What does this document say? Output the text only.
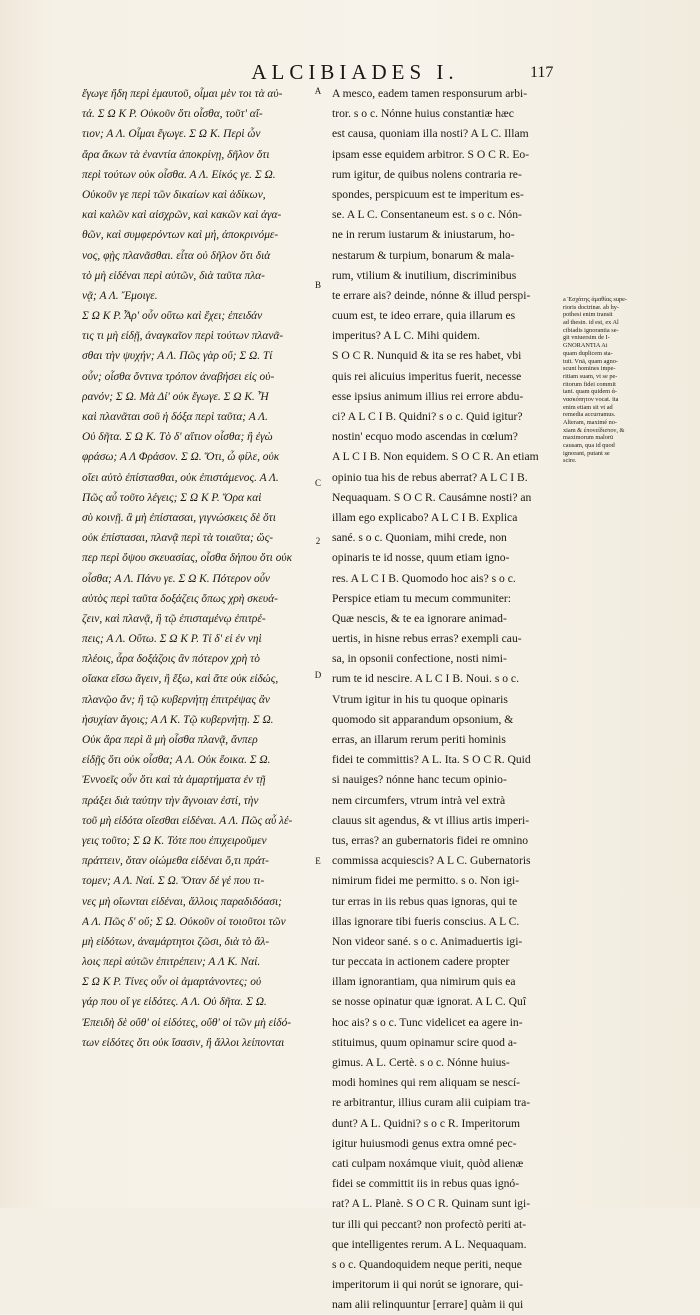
ALCIBIADES I.	117
ἔγωγε ἤδη περὶ ἐμαυτοῦ, οἶμαι μὲν τοι τὰ αὐ-
τά. Σ Ω Κ Ρ. Οὐκοῦν ὅτι οἶσθα, τοῦτ' αἴ-
τιον; Α Λ. Οἶμαι ἔγωγε. Σ Ω Κ. Περὶ ὧν
ἄρα ἄκων τὰ ἐναντία ἀποκρίνῃ, δῆλον ὅτι
περὶ τούτων οὐκ οἶσθα. Α Λ. Εἰκός γε. Σ Ω.
Οὐκοῦν γε περὶ τῶν δικαίων καὶ ἀδίκων,
καὶ καλῶν καὶ αἰσχρῶν, καὶ κακῶν καὶ ἀγα-
θῶν, καὶ συμφερόντων καὶ μή, ἀποκρινόμε-
νος, φῂς πλανᾶσθαι. εἶτα οὐ δῆλον ὅτι διὰ
τὸ μὴ εἰδέναι περὶ αὐτῶν, διὰ ταῦτα πλα-
νᾷ; Α Λ. Ἔμοιγε.
Σ Ω Κ Ρ. Ἆρ' οὖν οὕτω καὶ ἔχει; ἐπειδάν
τις τι μὴ εἰδῇ, ἀναγκαῖον περὶ τούτων πλανᾶ-
σθαι τὴν ψυχήν; Α Λ. Πῶς γὰρ οὔ; Σ Ω. Τί
οὖν; οἶσθα ὄντινα τρόπον ἀναβήσει εἰς οὐ-
ρανόν; Σ Ω. Μὰ Δί' οὐκ ἔγωγε. Σ Ω Κ. Ἦ
καὶ πλανᾶται σοῦ ἡ δόξα περὶ ταῦτα; Α Λ.
Οὐ δῆτα. Σ Ω Κ. Τὸ δ' αἴτιον οἶσθα; ἢ ἐγὼ
φράσω; Α Λ Φράσον. Σ Ω. Ὅτι, ὦ φίλε, οὐκ
οἴει αὐτὸ ἐπίστασθαι, οὐκ ἐπιστάμενος. Α Λ.
Πῶς αὖ τοῦτο λέγεις; Σ Ω Κ Ρ. Ὅρα καὶ
σὺ κοινῇ. ἃ μὴ ἐπίστασαι, γιγνώσκεις δὲ ὅτι
οὐκ ἐπίστασαι, πλανᾷ περὶ τὰ τοιαῦτα; ὥς-
περ περὶ ὄψου σκευασίας, οἶσθα δήπου ὅτι οὐκ
οἶσθα; Α Λ. Πάνυ γε. Σ Ω Κ. Πότερον οὖν
αὐτὸς περὶ ταῦτα δοξάζεις ὅπως χρὴ σκευά-
ζειν, καὶ πλανᾷ, ἢ τῷ ἐπισταμένῳ ἐπιτρέ-
πεις; Α Λ. Οὕτω. Σ Ω Κ Ρ. Τί δ' εἰ ἐν νηὶ
πλέοις, ἆρα δοξάζοις ἂν πότερον χρὴ τὸ
οἴακα εἴσω ἄγειν, ἢ ἔξω, καὶ ἅτε οὐκ εἰδώς,
πλανῷο ἄν; ἢ τῷ κυβερνήτῃ ἐπιτρέψας ἂν
ἡσυχίαν ἄγοις; Α Λ Κ. Τῷ κυβερνήτῃ. Σ Ω.
Οὐκ ἄρα περὶ ἃ μὴ οἶσθα πλανᾷ, ἄνπερ
εἰδῇς ὅτι οὐκ οἶσθα; Α Λ. Οὐκ ἔοικα. Σ Ω.
Ἐννοεῖς οὖν ὅτι καὶ τὰ ἁμαρτήματα ἐν τῇ
πράξει διὰ ταύτην τὴν ἄγνοιαν ἐστί, τὴν
τοῦ μὴ εἰδότα οἴεσθαι εἰδέναι. Α Λ. Πῶς αὖ λέ-
γεις τοῦτο; Σ Ω Κ. Τότε που ἐπιχειροῦμεν
πράττειν, ὅταν οἰώμεθα εἰδέναι ὅ,τι πράτ-
τομεν; Α Λ. Ναί. Σ Ω. Ὅταν δέ γέ που τι-
νες μὴ οἴωνται εἰδέναι, ἄλλοις παραδιδόασι;
Α Λ. Πῶς δ' οὔ; Σ Ω. Οὐκοῦν οἱ τοιοῦτοι τῶν
μὴ εἰδότων, ἀναμάρτητοι ζῶσι, διὰ τὸ ἄλ-
λοις περὶ αὐτῶν ἐπιτρέπειν; Α Λ Κ. Ναί.
Σ Ω Κ Ρ. Τίνες οὖν οἱ ἁμαρτάνοντες; οὐ
γάρ που οἵ γε εἰδότες. Α Λ. Οὐ δῆτα. Σ Ω.
Ἐπειδὴ δὲ οὔθ' οἱ εἰδότες, οὔθ' οἱ τῶν μὴ εἰδό-
των εἰδότες ὅτι οὐκ ἴσασιν, ἢ ἄλλοι λείπονται
A
B
C
2
D
E
A mesco, eadem tamen responsurum arbi-
tror. s o c. Nónne huius constantiæ hæc
est causa, quoniam illa nosti? A L C. Illam
ipsam esse equidem arbitror. S O C R. Eo-
rum igitur, de quibus nolens contraria re-
spondes, perspicuum est te imperitum es-
se. A L C. Consentaneum est. s o c. Nón-
ne in rerum iustarum & iniustarum, ho-
nestarum & turpium, bonarum & mala-
rum, vtilium & inutilium, discriminibus
te errare ais? deinde, nónne & illud perspi-
cuum est, te ideo errare, quia illarum es
imperitus? A L C. Mihi quidem.
S O C R. Nunquid & ita se res habet, vbi
quis rei alicuius imperitus fuerit, necesse
esse ipsius animum illius rei errore abdu-
ci? A L C I B. Quidni? s o c. Quid igitur?
nostin' ecquo modo ascendas in cœlum?
A L C I B. Non equidem. S O C R. An etiam
opinio tua his de rebus aberrat? A L C I B.
Nequaquam. S O C R. Causámne nosti? an
illam ego explicabo? A L C I B. Explica
sané. s o c. Quoniam, mihi crede, non
opinaris te id nosse, quum etiam igno-
res. A L C I B. Quomodo hoc ais? s o c.
Perspice etiam tu mecum communiter:
Quæ nescis, & te ea ignorare animad-
uertis, in hisne rebus erras? exempli cau-
sa, in opsonii confectione, nosti nimi-
rum te id nescire. A L C I B. Noui. s o c.
Vtrum igitur in his tu quoque opinaris
quomodo sit apparandum opsonium, &
erras, an illarum rerum periti hominis
fidei te committis? A L. Ita. S O C R. Quid
si nauiges? nónne hanc tecum opinio-
nem circumfers, vtrum intrà vel extrà
clauus sit agendus, & vt illius artis imperi-
tus, erras? an gubernatoris fidei re omnino
commissa acquiescis? A L C. Gubernatoris
nimirum fidei me permitto. s o. Non igi-
tur erras in iis rebus quas ignoras, qui te
illas ignorare tibi fueris conscius. A L C.
Non videor sané. s o c. Animaduertis igi-
tur peccata in actionem cadere propter
illam ignorantiam, qua nimirum quis ea
se nosse opinatur quæ ignorat. A L C. Quî
hoc ais? s o c. Tunc videlicet ea agere in-
stituimus, quum opinamur scire quod a-
gimus. A L. Certè. s o c. Nónne huius-
modi homines qui rem aliquam se nescí-
re arbitrantur, illius curam alii cuipiam tra-
dunt? A L. Quidni? s o c R. Imperitorum
igitur huiusmodi genus extra omné pec-
cati culpam noxámque viuit, quòd alienæ
fidei se committit iis in rebus quas ignó-
rat? A L. Planè. S O C R. Quinam sunt igi-
tur illi qui peccant? non profectò periti at-
que intelligentes rerum. A L. Nequaquam.
s o c. Quandoquidem neque periti, neque
imperitorum ii qui norút se ignorare, qui-
nam alii relinquuntur [errare] quàm ii qui
a Ἐσχάτης ἀμαθίας supe-
rioris doctrinæ. ab hy-
pothesi enim transit
ad thesin. id est, ex Al
cibiadis ignorantia se-
git vniuersim de I-
GNORANTIA Ai
quam duplicem sta-
tuit. Vnā, quam agno-
scunt homines impe-
ritiam suam, vt se pe-
ritorum fidei commit
tant. quam quidem ά-
νασκόπητον vocat. ita
enim etiam sit vt ad
remedia accurramus.
Alteram, maximé no-
xiam & ἐπονείδιστον, &
maximorum malorū
causam, qua id quod
ignorant, putant se
scire.
